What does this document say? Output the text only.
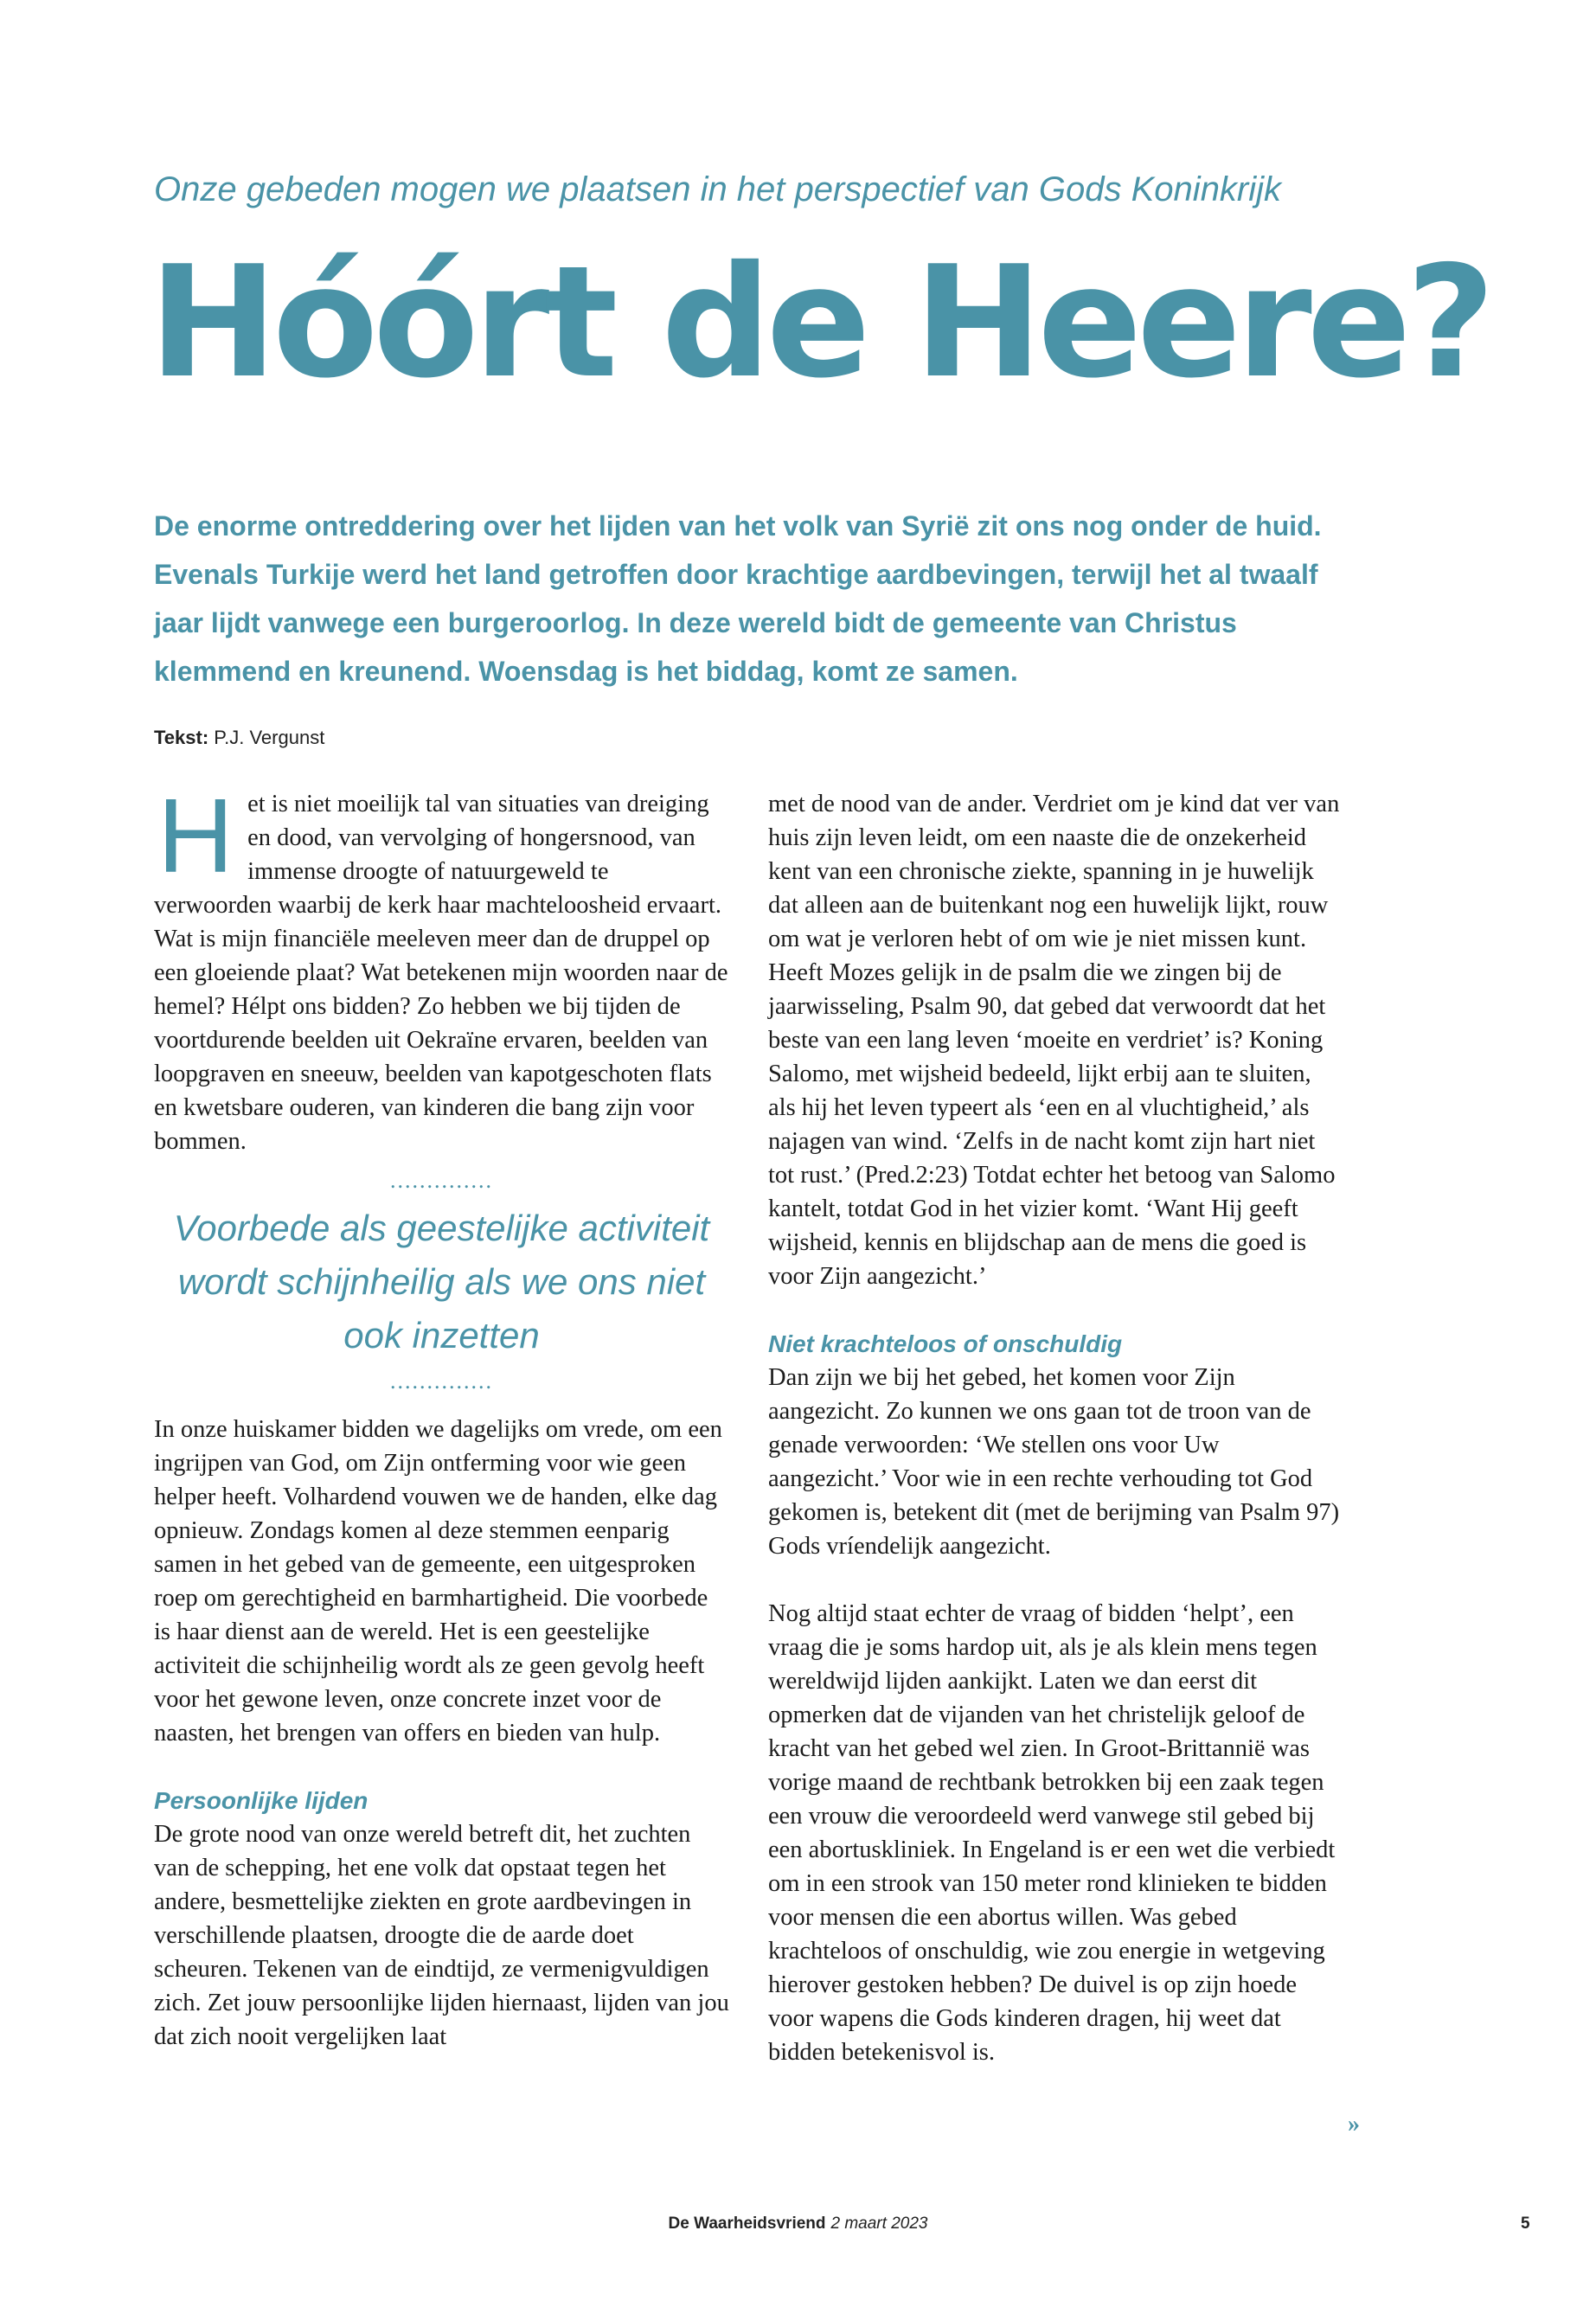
Onze gebeden mogen we plaatsen in het perspectief van Gods Koninkrijk
Hóórt de Heere?

De enorme ontreddering over het lijden van het volk van Syrië zit ons nog onder de huid. Evenals Turkije werd het land getroffen door krachtige aardbevingen, terwijl het al twaalf jaar lijdt vanwege een burgeroorlog. In deze wereld bidt de gemeente van Christus klemmend en kreunend. Woensdag is het biddag, komt ze samen.

Tekst: P.J. Vergunst

Het is niet moeilijk tal van situaties van dreiging en dood, van vervolging of hongersnood, van immense droogte of natuurgeweld te verwoorden waarbij de kerk haar machteloosheid ervaart. Wat is mijn financiële meeleven meer dan de druppel op een gloeiende plaat? Wat betekenen mijn woorden naar de hemel? Hélpt ons bidden? Zo hebben we bij tijden de voortdurende beelden uit Oekraïne ervaren, beelden van loopgraven en sneeuw, beelden van kapotgeschoten flats en kwetsbare ouderen, van kinderen die bang zijn voor bommen.

..............
Voorbede als geestelijke activiteit wordt schijnheilig als we ons niet ook inzetten
..............

In onze huiskamer bidden we dagelijks om vrede, om een ingrijpen van God, om Zijn ontferming voor wie geen helper heeft. Volhardend vouwen we de handen, elke dag opnieuw. Zondags komen al deze stemmen eenparig samen in het gebed van de gemeente, een uitgesproken roep om gerechtigheid en barmhartigheid. Die voorbede is haar dienst aan de wereld. Het is een geestelijke activiteit die schijnheilig wordt als ze geen gevolg heeft voor het gewone leven, onze concrete inzet voor de naasten, het brengen van offers en bieden van hulp.

Persoonlijke lijden

De grote nood van onze wereld betreft dit, het zuchten van de schepping, het ene volk dat opstaat tegen het andere, besmettelijke ziekten en grote aardbevingen in verschillende plaatsen, droogte die de aarde doet scheuren. Tekenen van de eindtijd, ze vermenigvuldigen zich. Zet jouw persoonlijke lijden hiernaast, lijden van jou dat zich nooit vergelijken laat

met de nood van de ander. Verdriet om je kind dat ver van huis zijn leven leidt, om een naaste die de onzekerheid kent van een chronische ziekte, spanning in je huwelijk dat alleen aan de buitenkant nog een huwelijk lijkt, rouw om wat je verloren hebt of om wie je niet missen kunt.

Heeft Mozes gelijk in de psalm die we zingen bij de jaarwisseling, Psalm 90, dat gebed dat verwoordt dat het beste van een lang leven ‘moeite en verdriet’ is? Koning Salomo, met wijsheid bedeeld, lijkt erbij aan te sluiten, als hij het leven typeert als ‘een en al vluchtigheid,’ als najagen van wind. ‘Zelfs in de nacht komt zijn hart niet tot rust.’ (Pred.2:23) Totdat echter het betoog van Salomo kantelt, totdat God in het vizier komt. ‘Want Hij geeft wijsheid, kennis en blijdschap aan de mens die goed is voor Zijn aangezicht.’

Niet krachteloos of onschuldig

Dan zijn we bij het gebed, het komen voor Zijn aangezicht. Zo kunnen we ons gaan tot de troon van de genade verwoorden: ‘We stellen ons voor Uw aangezicht.’ Voor wie in een rechte verhouding tot God gekomen is, betekent dit (met de berijming van Psalm 97) Gods vríendelijk aangezicht.

Nog altijd staat echter de vraag of bidden ‘helpt’, een vraag die je soms hardop uit, als je als klein mens tegen wereldwijd lijden aankijkt. Laten we dan eerst dit opmerken dat de vijanden van het christelijk geloof de kracht van het gebed wel zien. In Groot-Brittannië was vorige maand de rechtbank betrokken bij een zaak tegen een vrouw die veroordeeld werd vanwege stil gebed bij een abortuskliniek. In Engeland is er een wet die verbiedt om in een strook van 150 meter rond klinieken te bidden voor mensen die een abortus willen. Was gebed krachteloos of onschuldig, wie zou energie in wetgeving hierover gestoken hebben? De duivel is op zijn hoede voor wapens die Gods kinderen dragen, hij weet dat bidden betekenisvol is.

»
De Waarheidsvriend 2 maart 2023	5
